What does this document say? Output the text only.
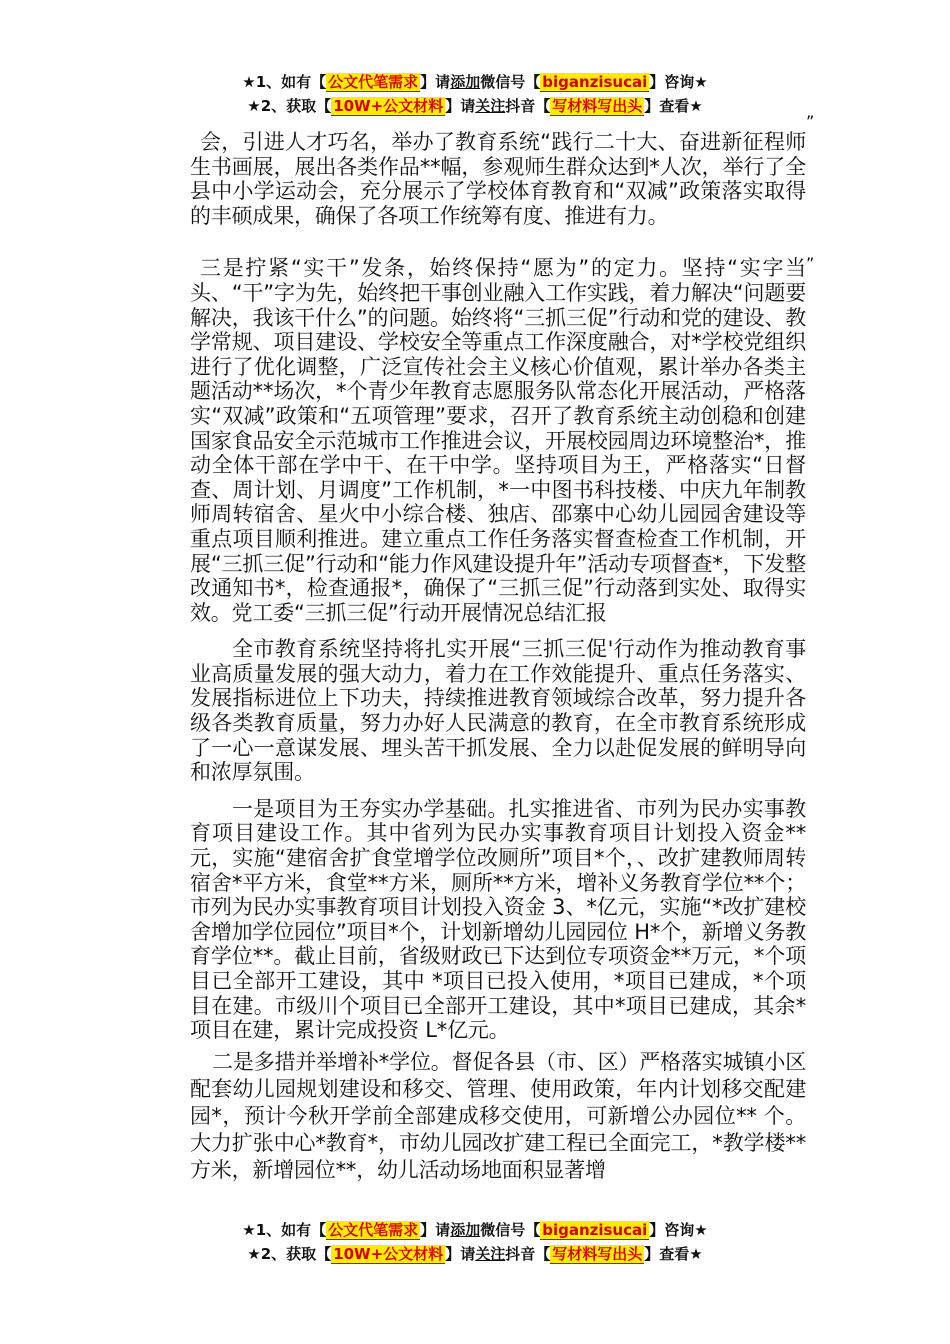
★1、如有【 公文代笔需求 】请添加微信号【 biganzisucai 】咨询★
★2、获取【 10W+公文材料 】请关注抖音【 写材料写出头 】查看★
”
”

会，引进人才巧名，举办了教育系统“践行二十大、奋进新征程师生书画展，展出各类作品**幅，参观师生群众达到*人次，举行了全县中小学运动会，充分展示了学校体育教育和“双减”政策落实取得的丰硕成果，确保了各项工作统筹有度、推进有力。

三是拧紧“实干”发条，始终保持“愿为”的定力。坚持“实字当头、“干”字为先，始终把干事创业融入工作实践，着力解决“问题要解决，我该干什么”的问题。始终将“三抓三促”行动和党的建设、教学常规、项目建设、学校安全等重点工作深度融合，对*学校党组织进行了优化调整，广泛宣传社会主义核心价值观，累计举办各类主题活动**场次，*个青少年教育志愿服务队常态化开展活动，严格落实“双减”政策和“五项管理”要求，召开了教育系统主动创稳和创建国家食品安全示范城市工作推进会议，开展校园周边环境整治*，推动全体干部在学中干、在干中学。坚持项目为王，严格落实“日督查、周计划、月调度”工作机制，*一中图书科技楼、中庆九年制教师周转宿舍、星火中小综合楼、独店、邵寨中心幼儿园园舍建设等重点项目顺利推进。建立重点工作任务落实督查检查工作机制，开展“三抓三促”行动和“能力作风建设提升年”活动专项督查*，下发整改通知书*，检查通报*，确保了“三抓三促”行动落到实处、取得实效。党工委“三抓三促”行动开展情况总结汇报

全市教育系统坚持将扎实开展“三抓三促'行动作为推动教育事业高质量发展的强大动力，着力在工作效能提升、重点任务落实、发展指标进位上下功夫，持续推进教育领域综合改革，努力提升各级各类教育质量，努力办好人民满意的教育，在全市教育系统形成了一心一意谋发展、埋头苦干抓发展、全力以赴促发展的鲜明导向和浓厚氛围。

一是项目为王夯实办学基础。扎实推进省、市列为民办实事教育项目建设工作。其中省列为民办实事教育项目计划投入资金**元，实施“建宿舍扩食堂增学位改厕所”项目*个，、改扩建教师周转宿舍*平方米，食堂**方米，厕所**方米，增补义务教育学位**个；市列为民办实事教育项目计划投入资金 3、*亿元，实施“*改扩建校舍增加学位园位”项目*个，计划新增幼儿园园位 H*个，新增义务教育学位**。截止目前，省级财政已下达到位专项资金**万元，*个项目已全部开工建设，其中 *项目已投入使用，*项目已建成，*个项目在建。市级川个项目已全部开工建设，其中*项目已建成，其余*项目在建，累计完成投资 L*亿元。

二是多措并举增补*学位。督促各县（市、区）严格落实城镇小区配套幼儿园规划建设和移交、管理、使用政策，年内计划移交配建园*，预计今秋开学前全部建成移交使用，可新增公办园位** 个。大力扩张中心*教育*，市幼儿园改扩建工程已全面完工，*教学楼**方米，新增园位**，幼儿活动场地面积显著增

★1、如有【 公文代笔需求 】请添加微信号【 biganzisucai 】咨询★
★2、获取【 10W+公文材料 】请关注抖音【 写材料写出头 】查看★
